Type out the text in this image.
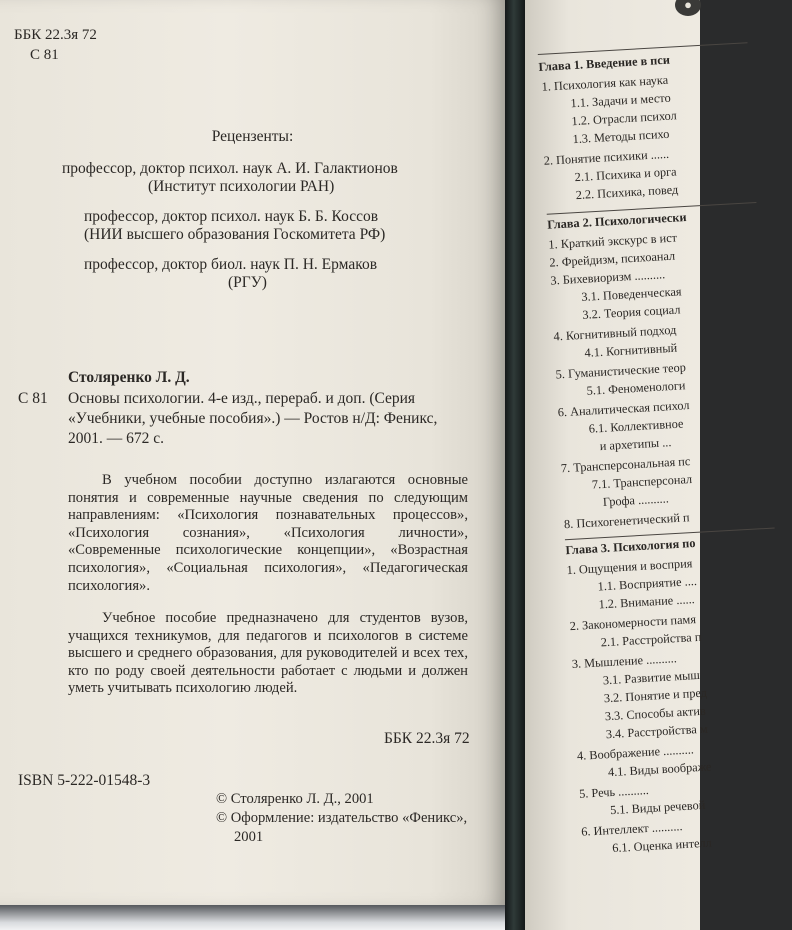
ББК 22.3я 72
С 81
Рецензенты:
профессор, доктор психол. наук А. И. Галактионов
(Институт психологии РАН)
профессор, доктор психол. наук Б. Б. Коссов
(НИИ высшего образования Госкомитета РФ)
профессор, доктор биол. наук П. Н. Ермаков
(РГУ)
Столяренко Л. Д.
С 81 Основы психологии. 4-е изд., перераб. и доп. (Серия
«Учебники, учебные пособия».) — Ростов н/Д: Феникс,
2001. — 672 с.
В учебном пособии доступно излагаются основные понятия и современные научные сведения по следующим направлениям: «Психология познавательных процессов», «Психология сознания», «Психология личности», «Современные психологические концепции», «Возрастная психология», «Социальная психология», «Педагогическая психология».
Учебное пособие предназначено для студентов вузов, учащихся техникумов, для педагогов и психологов в системе высшего и среднего образования, для руководителей и всех тех, кто по роду своей деятельности работает с людьми и должен уметь учитывать психологию людей.
ББК 22.3я 72
ISBN 5-222-01548-3
© Столяренко Л. Д., 2001
© Оформление: издательство «Феникс»,
2001
●
Глава 1. Введение в пси
1. Психология как наука
1.1. Задачи и место
1.2. Отрасли психол
1.3. Методы психо
2. Понятие психики ......
2.1. Психика и орга
2.2. Психика, повед
Глава 2. Психологически
1. Краткий экскурс в ист
2. Фрейдизм, психоанал
3. Бихевиоризм ..........
3.1. Поведенческая
3.2. Теория социал
4. Когнитивный подход
4.1. Когнитивный
5. Гуманистические теор
5.1. Феноменологи
6. Аналитическая психол
6.1. Коллективное
и архетипы ...
7. Трансперсональная пс
7.1. Трансперсонал
Грофа ..........
8. Психогенетический п
Глава 3. Психология по
1. Ощущения и восприя
1.1. Восприятие ....
1.2. Внимание ......
2. Закономерности памя
2.1. Расстройства п
3. Мышление ..........
3.1. Развитие мыш
3.2. Понятие и пред
3.3. Способы актив
3.4. Расстройства м
4. Воображение ..........
4.1. Виды воображе
5. Речь ..........
5.1. Виды речевой
6. Интеллект ..........
6.1. Оценка интелл
